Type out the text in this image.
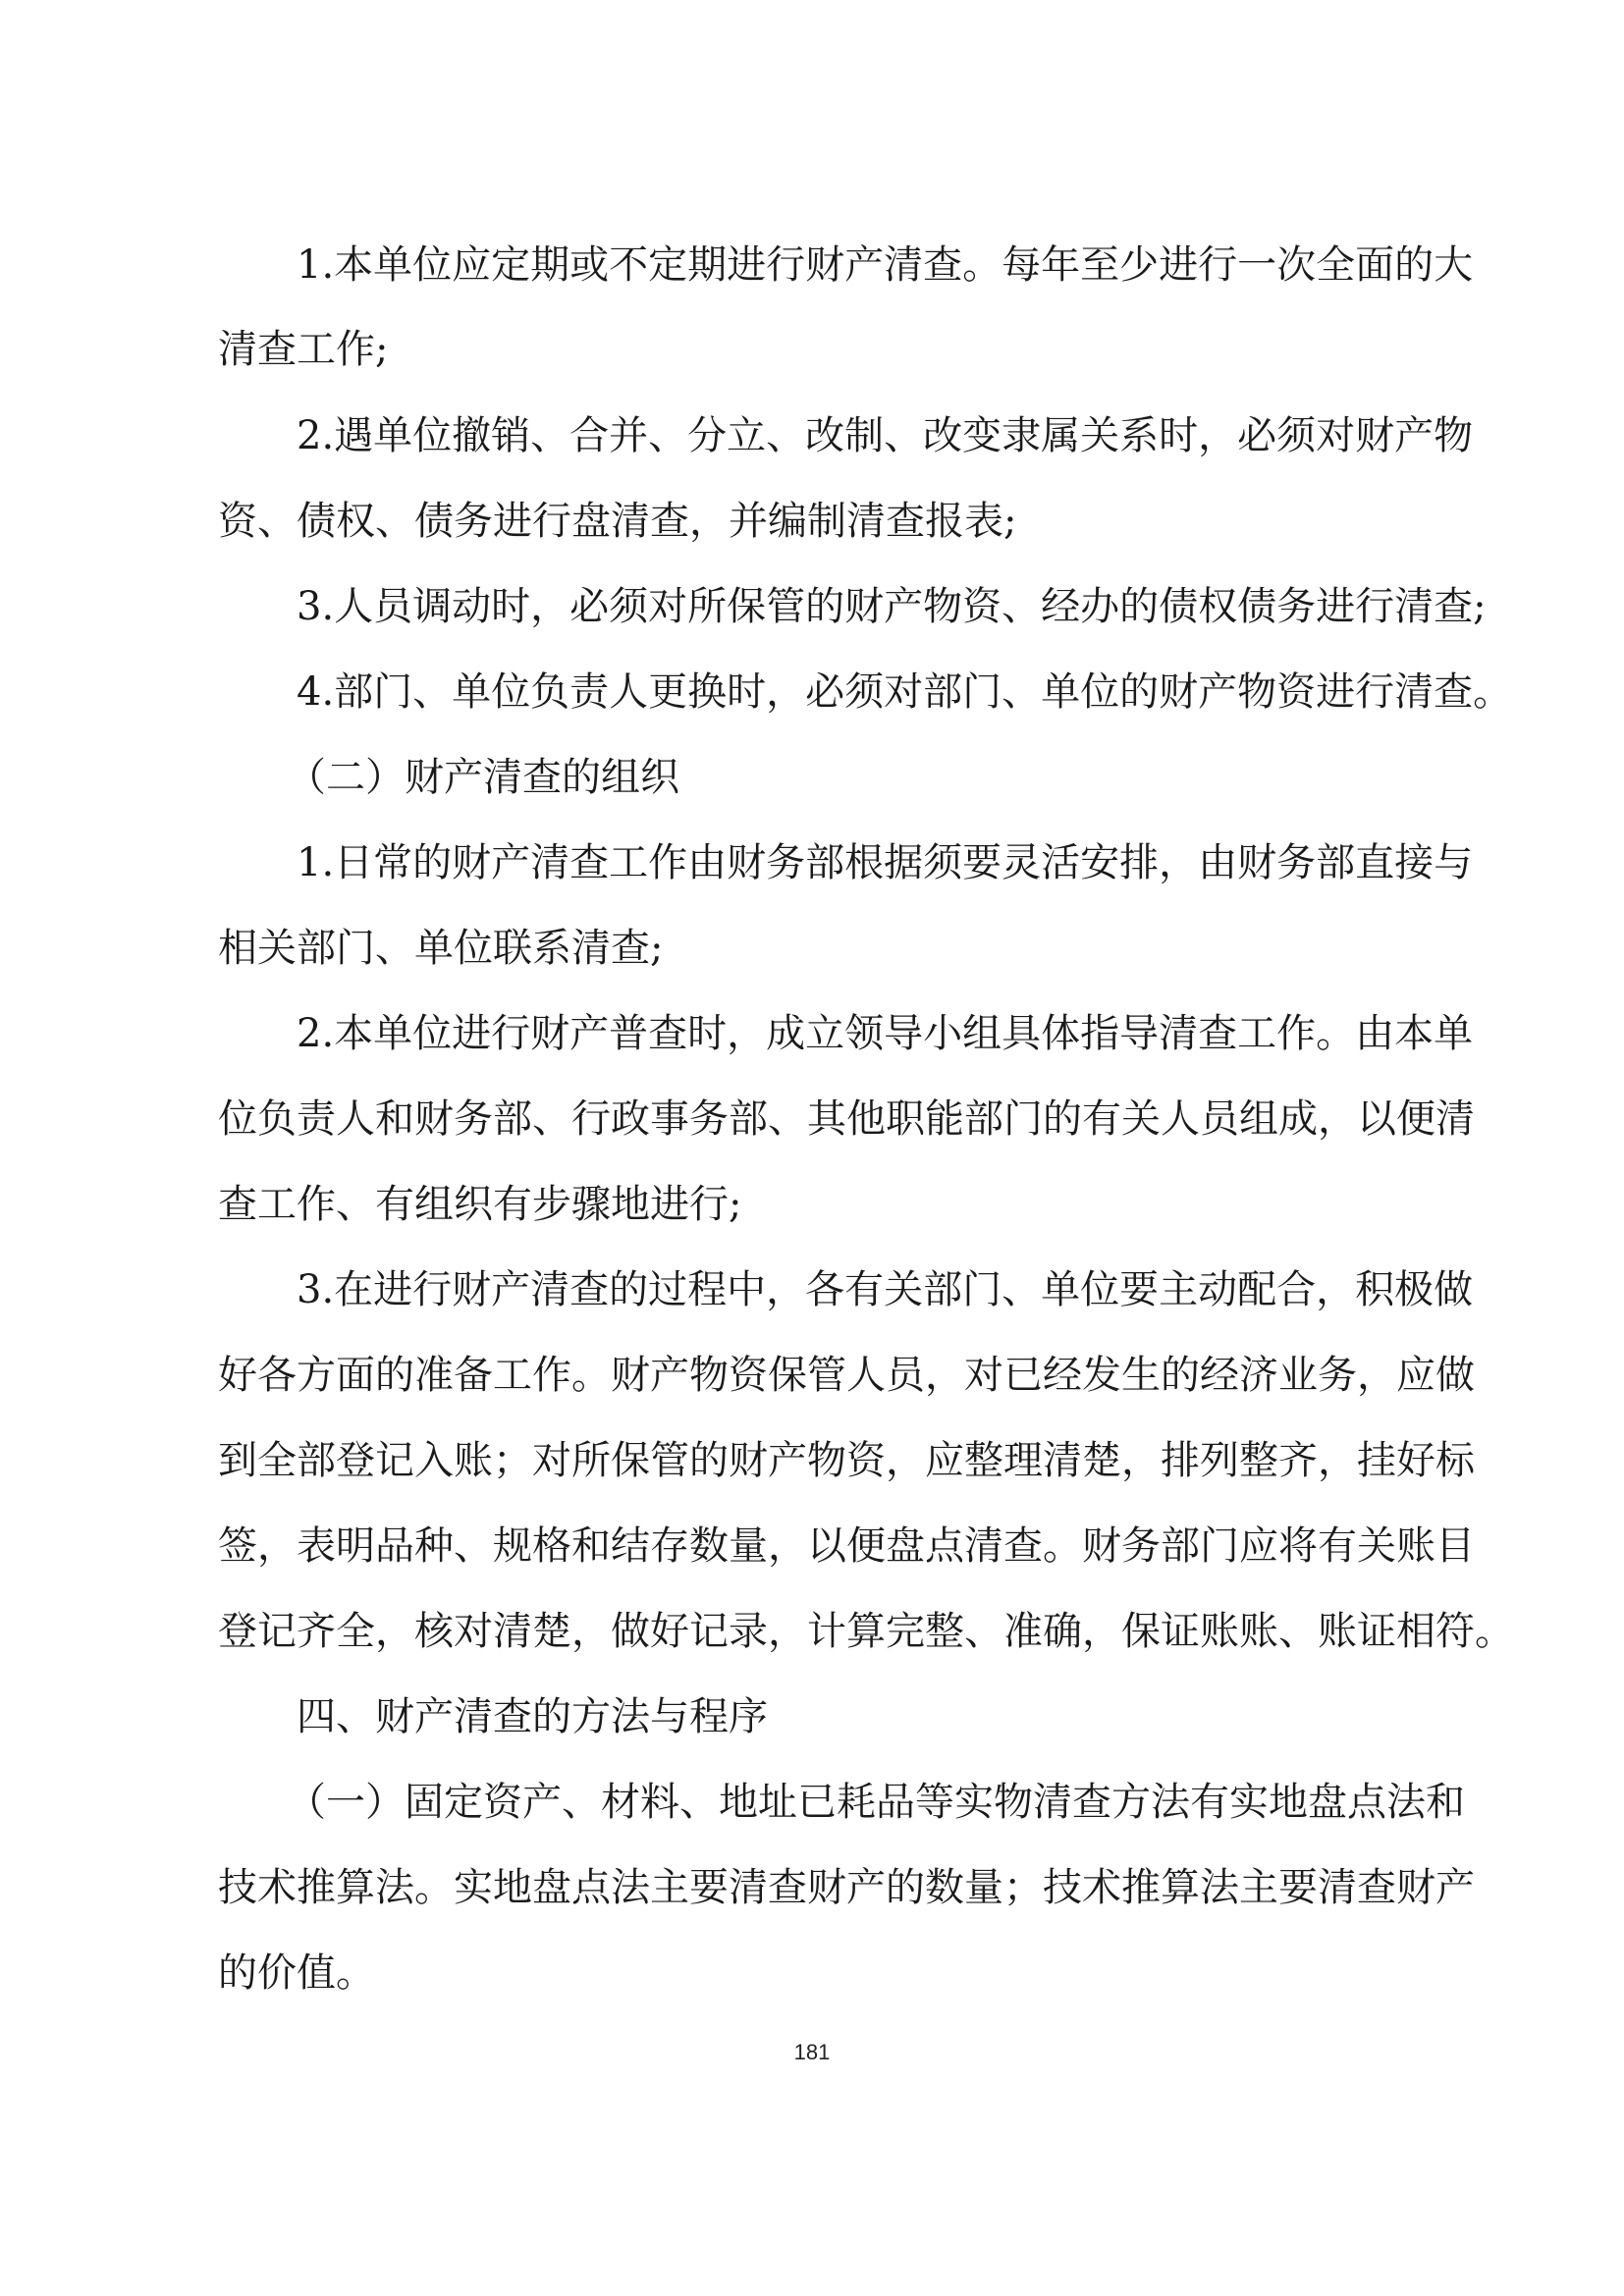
1.本单位应定期或不定期进行财产清查。每年至少进行一次全面的大
清查工作;
2.遇单位撤销、合并、分立、改制、改变隶属关系时，必须对财产物
资、债权、债务进行盘清查，并编制清查报表;
3.人员调动时，必须对所保管的财产物资、经办的债权债务进行清查;
4.部门、单位负责人更换时，必须对部门、单位的财产物资进行清查。
（二）财产清查的组织
1.日常的财产清查工作由财务部根据须要灵活安排，由财务部直接与
相关部门、单位联系清查;
2.本单位进行财产普查时，成立领导小组具体指导清查工作。由本单
位负责人和财务部、行政事务部、其他职能部门的有关人员组成，以便清
查工作、有组织有步骤地进行;
3.在进行财产清查的过程中，各有关部门、单位要主动配合，积极做
好各方面的准备工作。财产物资保管人员，对已经发生的经济业务，应做
到全部登记入账；对所保管的财产物资，应整理清楚，排列整齐，挂好标
签，表明品种、规格和结存数量，以便盘点清查。财务部门应将有关账目
登记齐全，核对清楚，做好记录，计算完整、准确，保证账账、账证相符。
四、财产清查的方法与程序
（一）固定资产、材料、地址已耗品等实物清查方法有实地盘点法和
技术推算法。实地盘点法主要清查财产的数量；技术推算法主要清查财产
的价值。
181
